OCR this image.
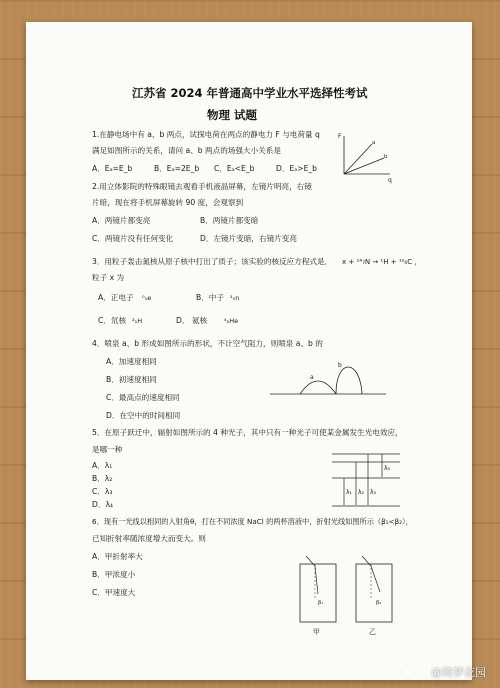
江苏省 2024 年普通高中学业水平选择性考试
物理 试题
1.在静电场中有 a、b 两点，试探电荷在两点的静电力 F 与电荷量 q
满足如图所示的关系，请问 a、b 两点的场强大小关系是
A．Eₐ=E_b	B．Eₐ=2E_b C．Eₐ<E_b	D．Eₐ>E_b
F
q
a
b
2.用立体影院的特殊眼镜去观看手机液晶屏幕，左镜片明亮，右镜
片暗，现在将手机屏幕旋转 90 度，会观察到
A．两镜片都变亮	B．两镜片都变暗
C．两镜片没有任何变化	D．左镜片变暗，右镜片变亮
3．用粒子轰击氮核从原子核中打出了质子；该实验的核反应方程式是． x + ¹⁴₇N → ¹H + ¹²₆C ，
粒子 x 为
A．正电子 ⁰₁e	B．中子 ¹₀n
C．氘核 ²₁H	D． 氦核	⁴₂He
4．喷泉 a、b 形成如图所示的形状，不计空气阻力，则喷泉 a、b 的
A．加速度相同
B．初速度相同
C．最高点的速度相同
D．在空中的时间相同
a
b
5．在原子跃迁中，辐射如图所示的 4 种光子，其中只有一种光子可使某金属发生光电效应，
是哪一种
A．λ₁
B．λ₂
C．λ₃
D．λ₄
λ₄
λ₁ λ₂ λ₃
6．现有一光线以相同的入射角θ，打在不同浓度 NaCl 的两杯溶液中，折射光线如图所示（β₁<β₂），
已知折射率随浓度增大而变大。则
A．甲折射率大
B．甲浓度小
C．甲速度大
β₁
甲
β₂
乙
@绮梦花园
